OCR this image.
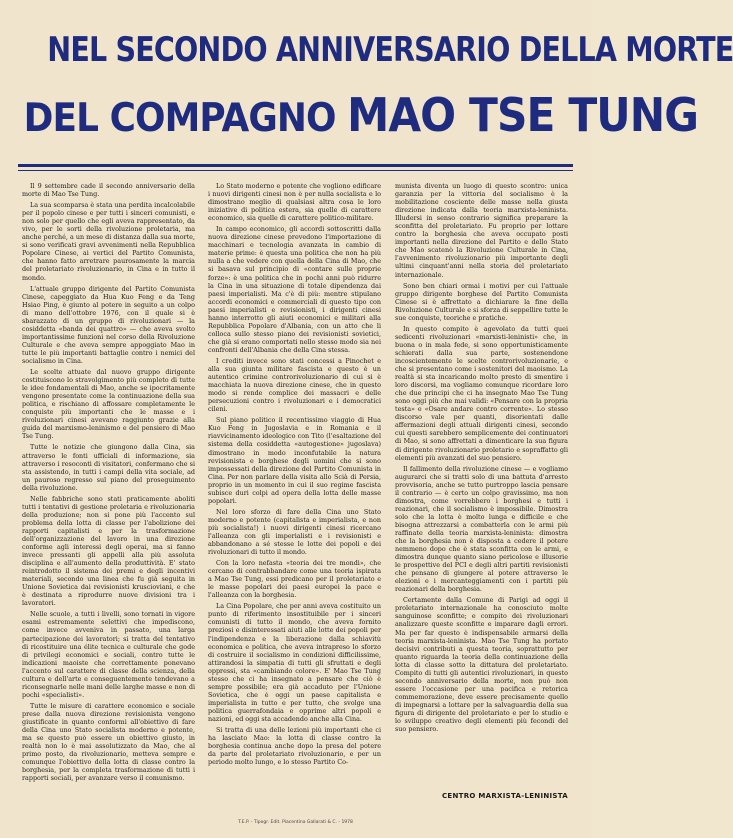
NEL SECONDO ANNIVERSARIO DELLA MORTE
DEL COMPAGNO MAO TSE TUNG

Il 9 settembre cade il secondo anniversario della morte di Mao Tse Tung.

La sua scomparsa è stata una perdita incalcolabile per il popolo cinese e per tutti i sinceri comunisti, e non solo per quello che egli aveva rappresentato, da vivo, per le sorti della rivoluzione proletaria, ma anche perché, a un mese di distanza dalla sua morte, si sono verificati gravi avvenimenti nella Repubblica Popolare Cinese, ai vertici del Partito Comunista, che hanno fatto arretrare paurosamente la marcia del proletariato rivoluzionario, in Cina e in tutto il mondo.

L'attuale gruppo dirigente del Partito Comunista Cinese, capeggiato da Hua Kuo Feng e da Teng Hsiao Ping, è giunto al potere in seguito a un colpo di mano dell'ottobre 1976, con il quale si è sbarazzato di un gruppo di rivoluzionari — la cosiddetta «banda dei quattro» — che aveva svolto importantissime funzioni nel corso della Rivoluzione Culturale e che aveva sempre appoggiato Mao in tutte le più importanti battaglie contro i nemici del socialismo in Cina.

Le scelte attuate dal nuovo gruppo dirigente costituiscono lo stravolgimento più completo di tutte le idee fondamentali di Mao, anche se ipocritamente vengono presentate come la continuazione della sua politica, e rischiano di affossare completamente le conquiste più importanti che le masse e i rivoluzionari cinesi avevano raggiunto grazie alla guida del marxismo-leninismo e del pensiero di Mao Tse Tung.

Tutte le notizie che giungono dalla Cina, sia attraverso le fonti ufficiali di informazione, sia attraverso i resoconti di visitatori, confermano che si sta assistendo, in tutti i campi della vita sociale, ad un pauroso regresso sul piano del proseguimento della rivoluzione.

Nelle fabbriche sono stati praticamente aboliti tutti i tentativi di gestione proletaria e rivoluzionaria della produzione; non si pone più l'accento sul problema della lotta di classe per l'abolizione dei rapporti capitalisti e per la trasformazione dell'organizzazione del lavoro in una direzione conforme agli interessi degli operai, ma si fanno invece pressanti gli appelli alla più assoluta disciplina e all'aumento della produttività. E' stato reintrodotto il sistema dei premi e degli incentivi materiali, secondo una linea che fu già seguita in Unione Sovietica dai revisionisti kruscioviani, e che è destinata a riprodurre nuove divisioni tra i lavoratori.

Nelle scuole, a tutti i livelli, sono tornati in vigore esami estremamente selettivi che impediscono, come invece avveniva in passato, una larga partecipazione dei lavoratori; si tratta del tentativo di ricostituire una élite tecnica e culturale che gode di privilegi economici e sociali, contro tutte le indicazioni maoiste che correttamente ponevano l'accento sul carattere di classe della scienza, della cultura e dell'arte e conseguentemente tendevano a riconsegnarle nelle mani delle larghe masse e non di pochi «specialisti».

Tutte le misure di carattere economico e sociale prese dalla nuova direzione revisionista vengono giustificate in quanto conformi all'obiettivo di fare della Cina uno Stato socialista moderno e potente, ma se questo può essere un obiettivo giusto, in realtà non lo è mai assolutizzato da Mao, che al primo posto, da rivoluzionario, metteva sempre e comunque l'obiettivo della lotta di classe contro la borghesia, per la completa trasformazione di tutti i rapporti sociali, per avanzare verso il comunismo.

Lo Stato moderno e potente che vogliono edificare i nuovi dirigenti cinesi non è per nulla socialista e lo dimostrano meglio di qualsiasi altra cosa le loro iniziative di politica estera, sia quelle di carattere economico, sia quelle di carattere politico-militare.

In campo economico, gli accordi sottoscritti dalla nuova direzione cinese prevedono l'importazione di macchinari e tecnologia avanzata in cambio di materie prime: è questa una politica che non ha più nulla a che vedere con quella della Cina di Mao, che si basava sul principio di «contare sulle proprie forze»: è una politica che in pochi anni può ridurre la Cina in una situazione di totale dipendenza dai paesi imperialisti. Ma c'è di più: mentre stipulano accordi economici e commerciali di questo tipo con paesi imperialisti e revisionisti, i dirigenti cinesi hanno interrotto gli aiuti economici e militari alla Repubblica Popolare d'Albania, con un atto che li colloca sullo stesso piano dei revisionisti sovietici, che già si erano comportati nello stesso modo sia nei confronti dell'Albania che della Cina stessa.

I crediti invece sono stati concessi a Pinochet e alla sua giunta militare fascista e questo è un autentico crimine controrivoluzionario di cui si è macchiata la nuova direzione cinese, che in questo modo si rende complice dei massacri e delle persecuzioni contro i rivoluzionari e i democratici cileni.

Sul piano politico il recentissimo viaggio di Hua Kuo Feng in Jugoslavia e in Romania e il riavvicinamento ideologico con Tito (l'esaltazione del sistema della cosiddetta «autogestione» jugoslava) dimostrano in modo inconfutabile la natura revisionista e borghese degli uomini che si sono impossessati della direzione del Partito Comunista in Cina. Per non parlare della visita allo Scià di Persia, proprio in un momento in cui il suo regime fascista subisce duri colpi ad opera della lotta delle masse popolari.

Nel loro sforzo di fare della Cina uno Stato moderno e potente (capitalista e imperialista, e non più socialista!) i nuovi dirigenti cinesi ricercano l'alleanza con gli imperialisti e i revisionisti e abbandonano a sé stesse le lotte dei popoli e dei rivoluzionari di tutto il mondo.

Con la loro nefasta «teoria dei tre mondi», che cercano di contrabbandare come una teoria ispirata a Mao Tse Tung, essi predicano per il proletariato e le masse popolari dei paesi europei la pace e l'alleanza con la borghesia.

La Cina Popolare, che per anni aveva costituito un punto di riferimento insostituibile per i sinceri comunisti di tutto il mondo, che aveva fornito preziosi e disinteressati aiuti alle lotte dei popoli per l'indipendenza e la liberazione dalla schiavitù economica e politica, che aveva intrapreso lo sforzo di costruire il socialismo in condizioni difficilissime, attirandosi la simpatia di tutti gli sfruttati e degli oppressi, sta «cambiando colore». E' Mao Tse Tung stesso che ci ha insegnato a pensare che ciò è sempre possibile; era già accaduto per l'Unione Sovietica, che è oggi un paese capitalista e imperialista in tutto e per tutto, che svolge una politica guerrafondaia e opprime altri popoli e nazioni, ed oggi sta accadendo anche alla Cina.

Si tratta di una delle lezioni più importanti che ci ha lasciato Mao: la lotta di classe contro la borghesia continua anche dopo la presa del potere da parte del proletariato rivoluzionario, e per un periodo molto lungo, e lo stesso Partito Co-

munista diventa un luogo di questo scontro: unica garanzia per la vittoria del socialismo è la mobilitazione cosciente delle masse nella giusta direzione indicata dalla teoria marxista-leninista. Illudersi in senso contrario significa preparare la sconfitta del proletariato. Fu proprio per lottare contro la borghesia che aveva occupato posti importanti nella direzione del Partito e dello Stato che Mao scatenò la Rivoluzione Culturale in Cina, l'avvenimento rivoluzionario più importante degli ultimi cinquant'anni nella storia del proletariato internazionale.

Sono ben chiari ormai i motivi per cui l'attuale gruppo dirigente borghese del Partito Comunista Cinese si è affrettato a dichiarare la fine della Rivoluzione Culturale e si sforza di seppellire tutte le sue conquiste, teoriche e pratiche.

In questo compito è agevolato da tutti quei sedicenti rivoluzionari «marxisti-leninisti» che, in buona o in mala fede, si sono opportunisticamente schierati dalla sua parte, sostenendone incoscientemente le scelte controrivoluzionarie, e che si presentano come i sostenitori del maoismo. La realtà si sta incaricando molto presto di smentire i loro discorsi, ma vogliamo comunque ricordare loro che due principi che ci ha insegnato Mao Tse Tung sono oggi più che mai validi: «Pensare con la propria testa» e «Osare andare contro corrente». Lo stesso discorso vale per quanti, disorientati dalle affermazioni degli attuali dirigenti cinesi, secondo cui questi sarebbero semplicemente dei continuatori di Mao, si sono affrettati a dimenticare la sua figura di dirigente rivoluzionario proletario e sopraffatto gli elementi più avanzati del suo pensiero.

Il fallimento della rivoluzione cinese — e vogliamo augurarci che si tratti solo di una battuta d'arresto provvisoria, anche se tutto purtroppo lascia pensare il contrario — è certo un colpo gravissimo, ma non dimostra, come vorrebbero i borghesi e tutti i reazionari, che il socialismo è impossibile. Dimostra solo che la lotta è molto lunga e difficile e che bisogna attrezzarsi a combatterla con le armi più raffinate della teoria marxista-leninista: dimostra che la borghesia non è disposta a cedere il potere nemmeno dopo che è stata sconfitta con le armi, e dimostra dunque quanto siano pericolose e illusorie le prospettive del PCI e degli altri partiti revisionisti che pensano di giungere al potere attraverso le elezioni e i mercanteggiamenti con i partiti più reazionari della borghesia.

Certamente dalla Comune di Parigi ad oggi il proletariato internazionale ha conosciuto molte sanguinose sconfitte; e compito dei rivoluzionari analizzare queste sconfitte e imparare dagli errori. Ma per far questo è indispensabile armarsi della teoria marxista-leninista. Mao Tse Tung ha portato decisivi contributi a questa teoria, soprattutto per quanto riguarda la teoria della continuazione della lotta di classe sotto la dittatura del proletariato. Compito di tutti gli autentici rivoluzionari, in questo secondo anniversario della morte, non può non essere l'occasione per una pacifica e retorica commemorazione, deve essere precisamente quello di impegnarsi a lottare per la salvaguardia della sua figura di dirigente del proletariato e per lo studio e lo sviluppo creativo degli elementi più fecondi del suo pensiero.

CENTRO MARXISTA-LENINISTA
T.E.P. - Tipogr. Edit. Piacentina Gallarati & C. - 1978
